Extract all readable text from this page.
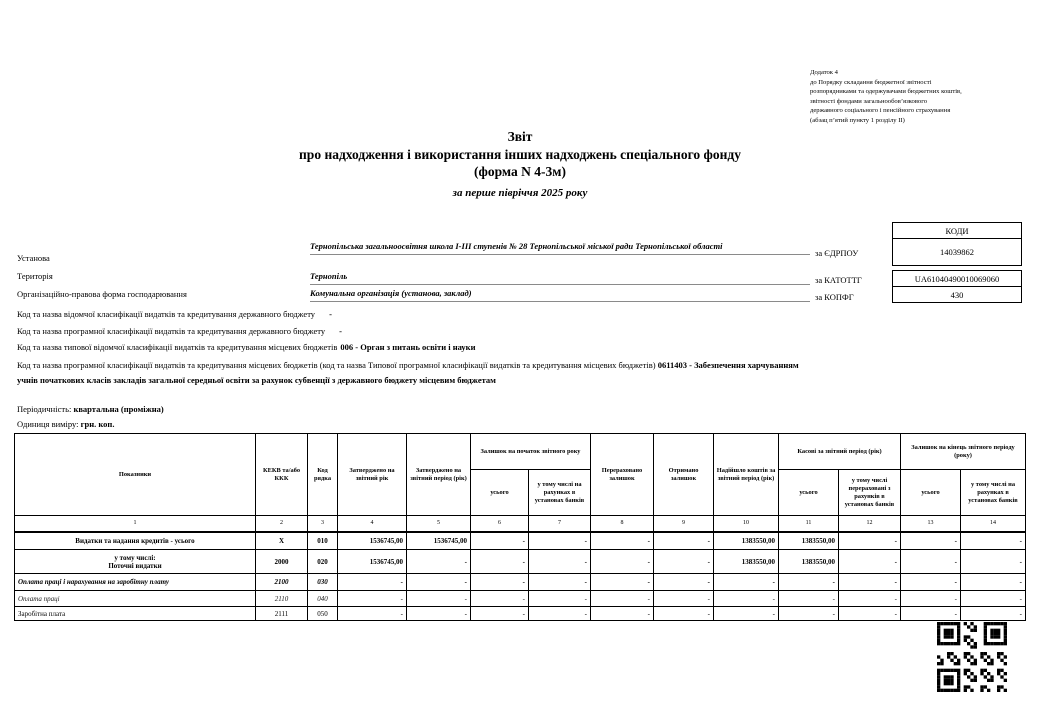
Додаток 4
до Порядку складання бюджетної звітності
розпорядниками та одержувачами бюджетних коштів,
звітності фондами загальнообов’язкового
державного соціального і пенсійного страхування
(абзац п’ятий пункту 1 розділу ІІ)
Звіт
про надходження і використання інших надходжень спеціального фонду
(форма N 4-3м)
за перше півріччя 2025 року
КОДИ
14039862
UA61040490010069060
430
за ЄДРПОУ
за КАТОТТГ
за КОПФГ
Установа
Тернопільська загальноосвітня школа І-ІІІ ступенів № 28 Тернопільської міської ради Тернопільської області
Територія	Тернопіль
Організаційно-правова форма господарювання	Комунальна організація (установа, заклад)
Код та назва відомчої класифікації видатків та кредитування державного бюджету -
Код та назва програмної класифікації видатків та кредитування державного бюджету -
Код та назва типової відомчої класифікації видатків та кредитування місцевих бюджетів 006 - Орган з питань освіти і науки
Код та назва програмної класифікації видатків та кредитування місцевих бюджетів (код та назва Типової програмної класифікації видатків та кредитування місцевих бюджетів) 0611403 - Забезпечення харчуванням учнів початкових класів закладів загальної середньої освіти за рахунок субвенції з державного бюджету місцевим бюджетам
Періодичність: квартальна (проміжна)
Одиниця виміру: грн. коп.
Показники	КЕКВ та/або ККК	Код рядка	Затверджено на звітний рік	Затверджено на звітний період (рік)	Залишок на початок звітного року		Перераховано залишок	Отримано залишок	Надійшло коштів за звітний період (рік)	Касові за звітний період (рік)		Залишок на кінець звітного періоду (року)	
					усього	у тому числі на рахунках в установах банків				усього	у тому числі перераховані з рахунків в установах банків	усього	у тому числі на рахунках в установах банків
1	2	3	4	5	6	7	8	9	10	11	12	13	14
Видатки та надання кредитів - усього	X	010	1536745,00	1536745,00	-	-	-	-	1383550,00	1383550,00	-	-	-

у тому числі:
Поточні видатки	2000	020	1536745,00	-	-	-	-	-	1383550,00	1383550,00	-	-	-
Оплата праці і нарахування на заробітну плату	2100	030	-	-	-	-	-	-	-	-	-	-	-
Оплата праці	2110	040	-	-	-	-	-	-	-	-	-	-	-
Заробітна плата	2111	050	-	-	-	-	-	-	-	-	-	-	-
